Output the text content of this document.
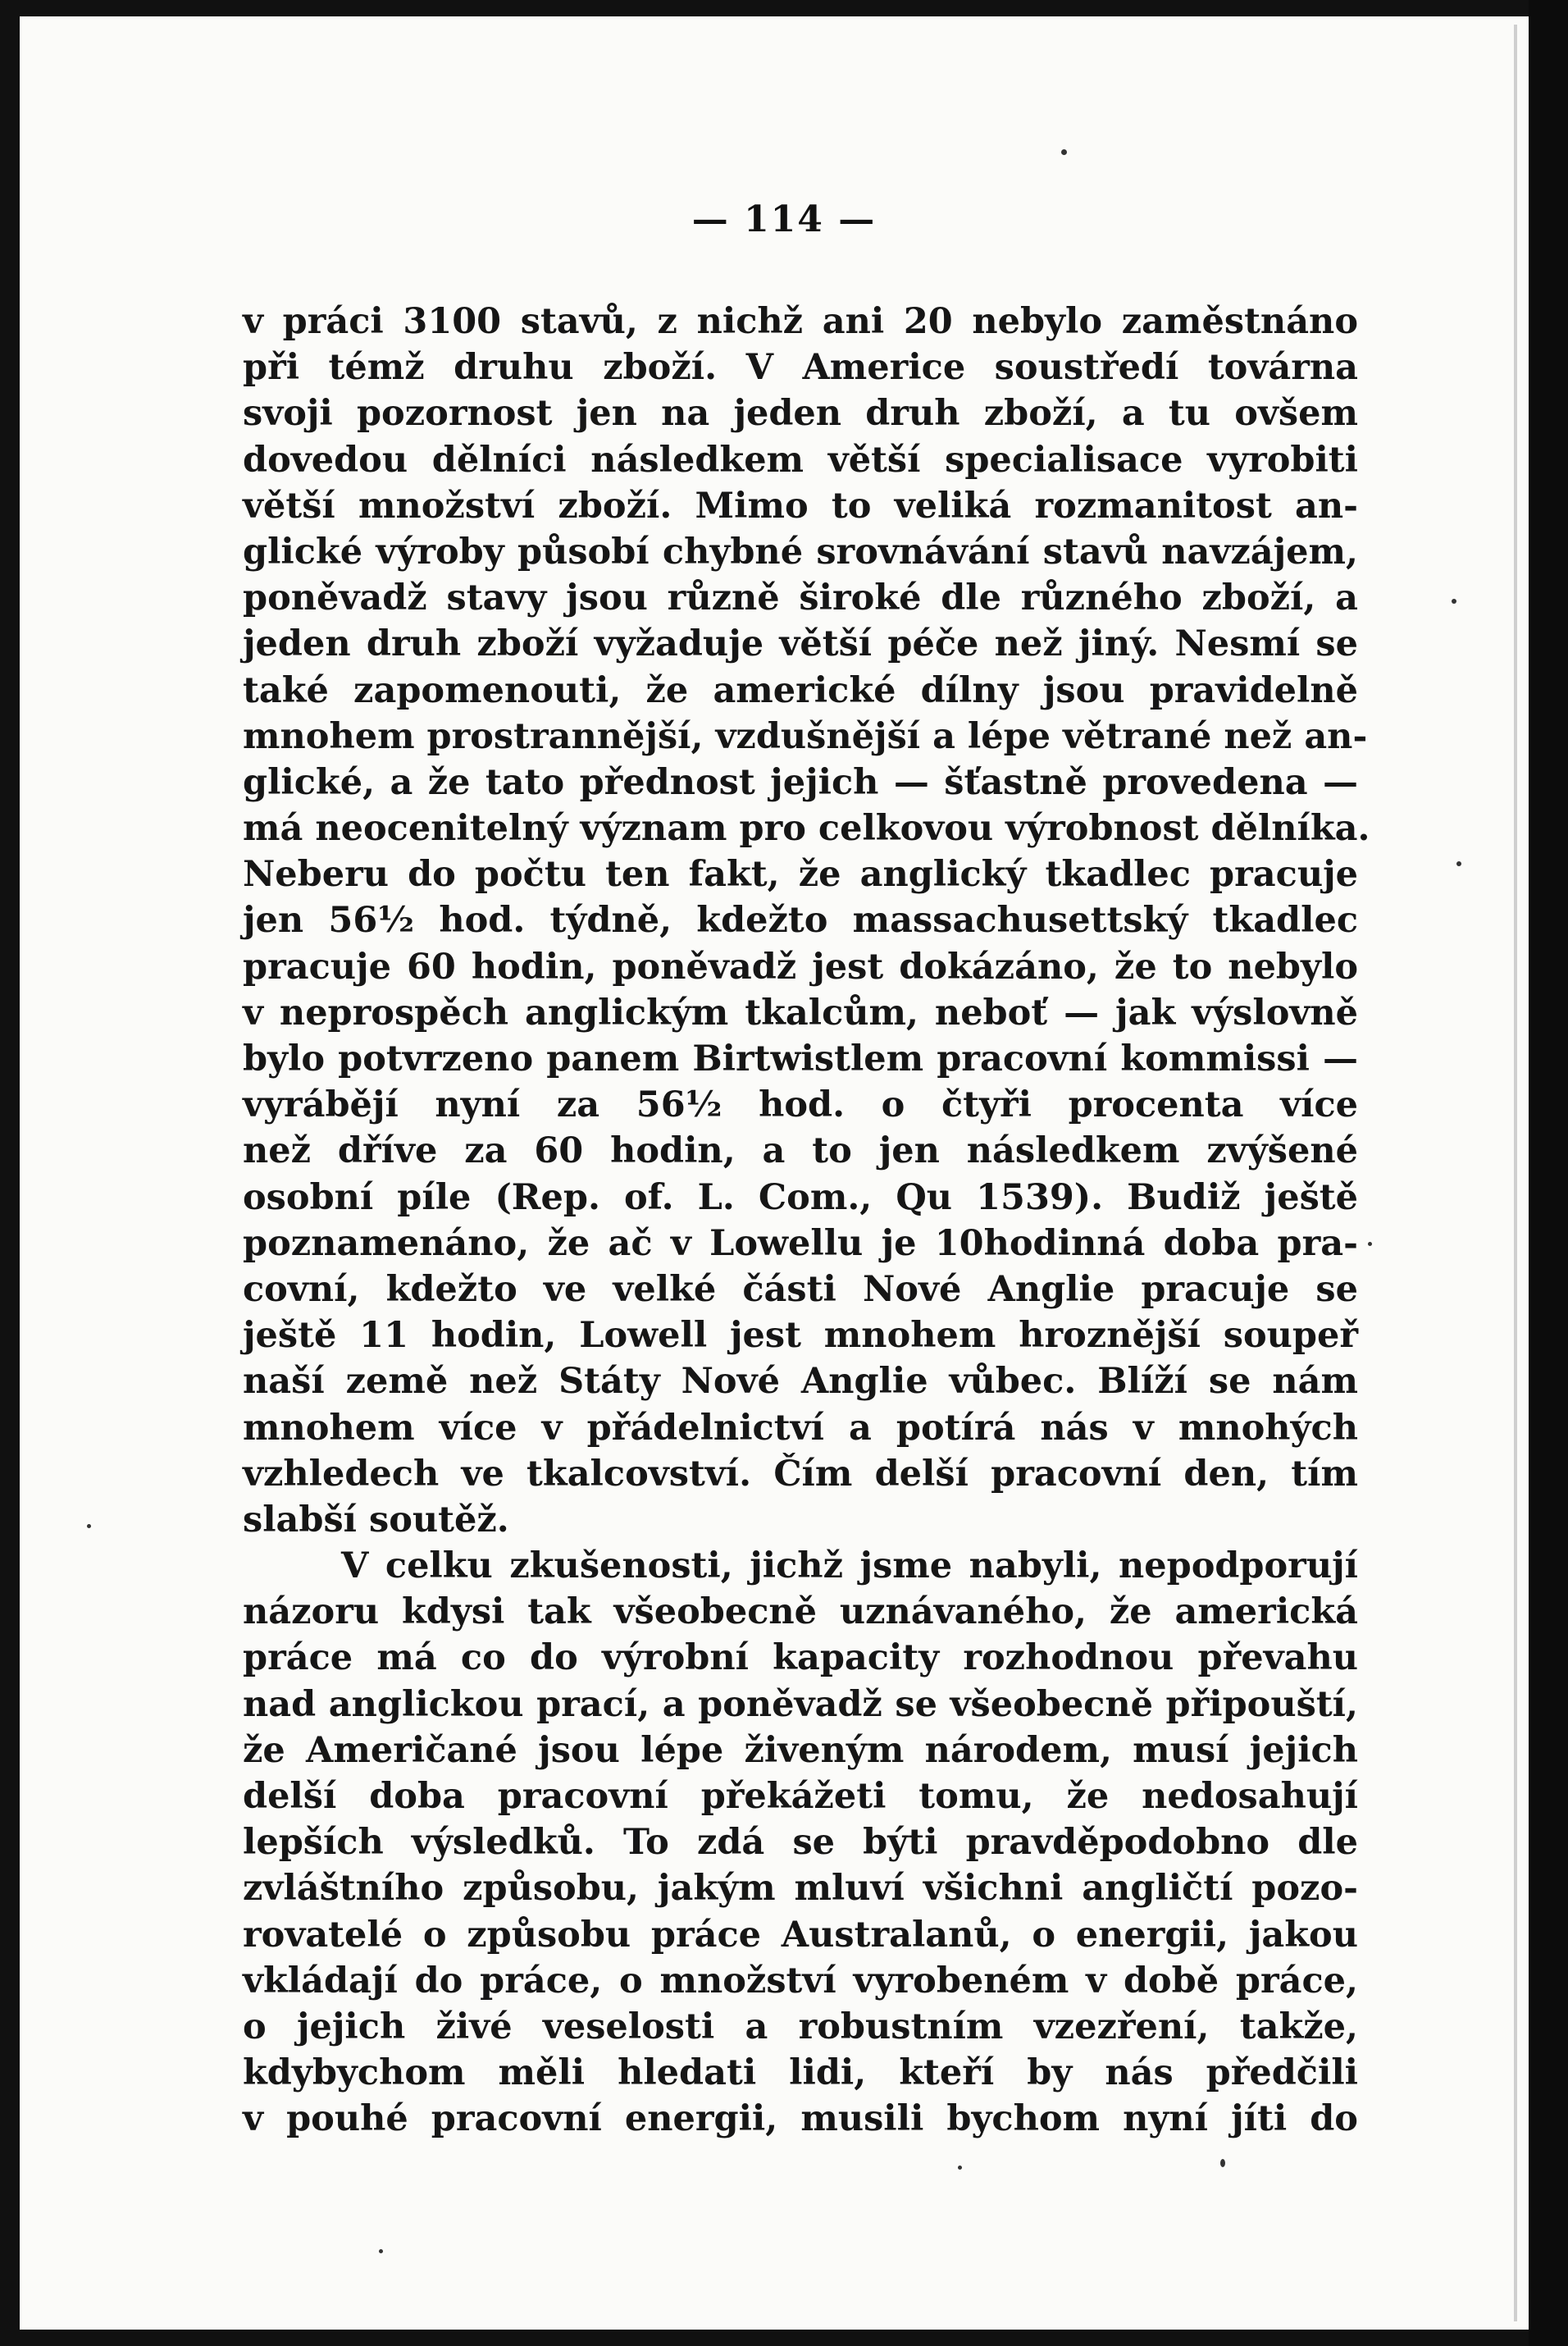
— 114 —
v práci 3100 stavů, z nichž ani 20 nebylo zaměstnáno
při témž druhu zboží. V Americe soustředí továrna
svoji pozornost jen na jeden druh zboží, a tu ovšem
dovedou dělníci následkem větší specialisace vyrobiti
větší množství zboží. Mimo to veliká rozmanitost an-
glické výroby působí chybné srovnávání stavů navzájem,
poněvadž stavy jsou různě široké dle různého zboží, a
jeden druh zboží vyžaduje větší péče než jiný. Nesmí se
také zapomenouti, že americké dílny jsou pravidelně
mnohem prostrannější, vzdušnější a lépe větrané než an-
glické, a že tato přednost jejich — šťastně provedena —
má neocenitelný význam pro celkovou výrobnost dělníka.
Neberu do počtu ten fakt, že anglický tkadlec pracuje
jen 56½ hod. týdně, kdežto massachusettský tkadlec
pracuje 60 hodin, poněvadž jest dokázáno, že to nebylo
v neprospěch anglickým tkalcům, neboť — jak výslovně
bylo potvrzeno panem Birtwistlem pracovní kommissi —
vyrábějí nyní za 56½ hod. o čtyři procenta více
než dříve za 60 hodin, a to jen následkem zvýšené
osobní píle (Rep. of. L. Com., Qu 1539). Budiž ještě
poznamenáno, že ač v Lowellu je 10hodinná doba pra-
covní, kdežto ve velké části Nové Anglie pracuje se
ještě 11 hodin, Lowell jest mnohem hroznější soupeř
naší země než Státy Nové Anglie vůbec. Blíží se nám
mnohem více v přádelnictví a potírá nás v mnohých
vzhledech ve tkalcovství. Čím delší pracovní den, tím
slabší soutěž.
V celku zkušenosti, jichž jsme nabyli, nepodporují
názoru kdysi tak všeobecně uznávaného, že americká
práce má co do výrobní kapacity rozhodnou převahu
nad anglickou prací, a poněvadž se všeobecně připouští,
že Američané jsou lépe živeným národem, musí jejich
delší doba pracovní překážeti tomu, že nedosahují
lepších výsledků. To zdá se býti pravděpodobno dle
zvláštního způsobu, jakým mluví všichni angličtí pozo-
rovatelé o způsobu práce Australanů, o energii, jakou
vkládají do práce, o množství vyrobeném v době práce,
o jejich živé veselosti a robustním vzezření, takže,
kdybychom měli hledati lidi, kteří by nás předčili
v pouhé pracovní energii, musili bychom nyní jíti do
